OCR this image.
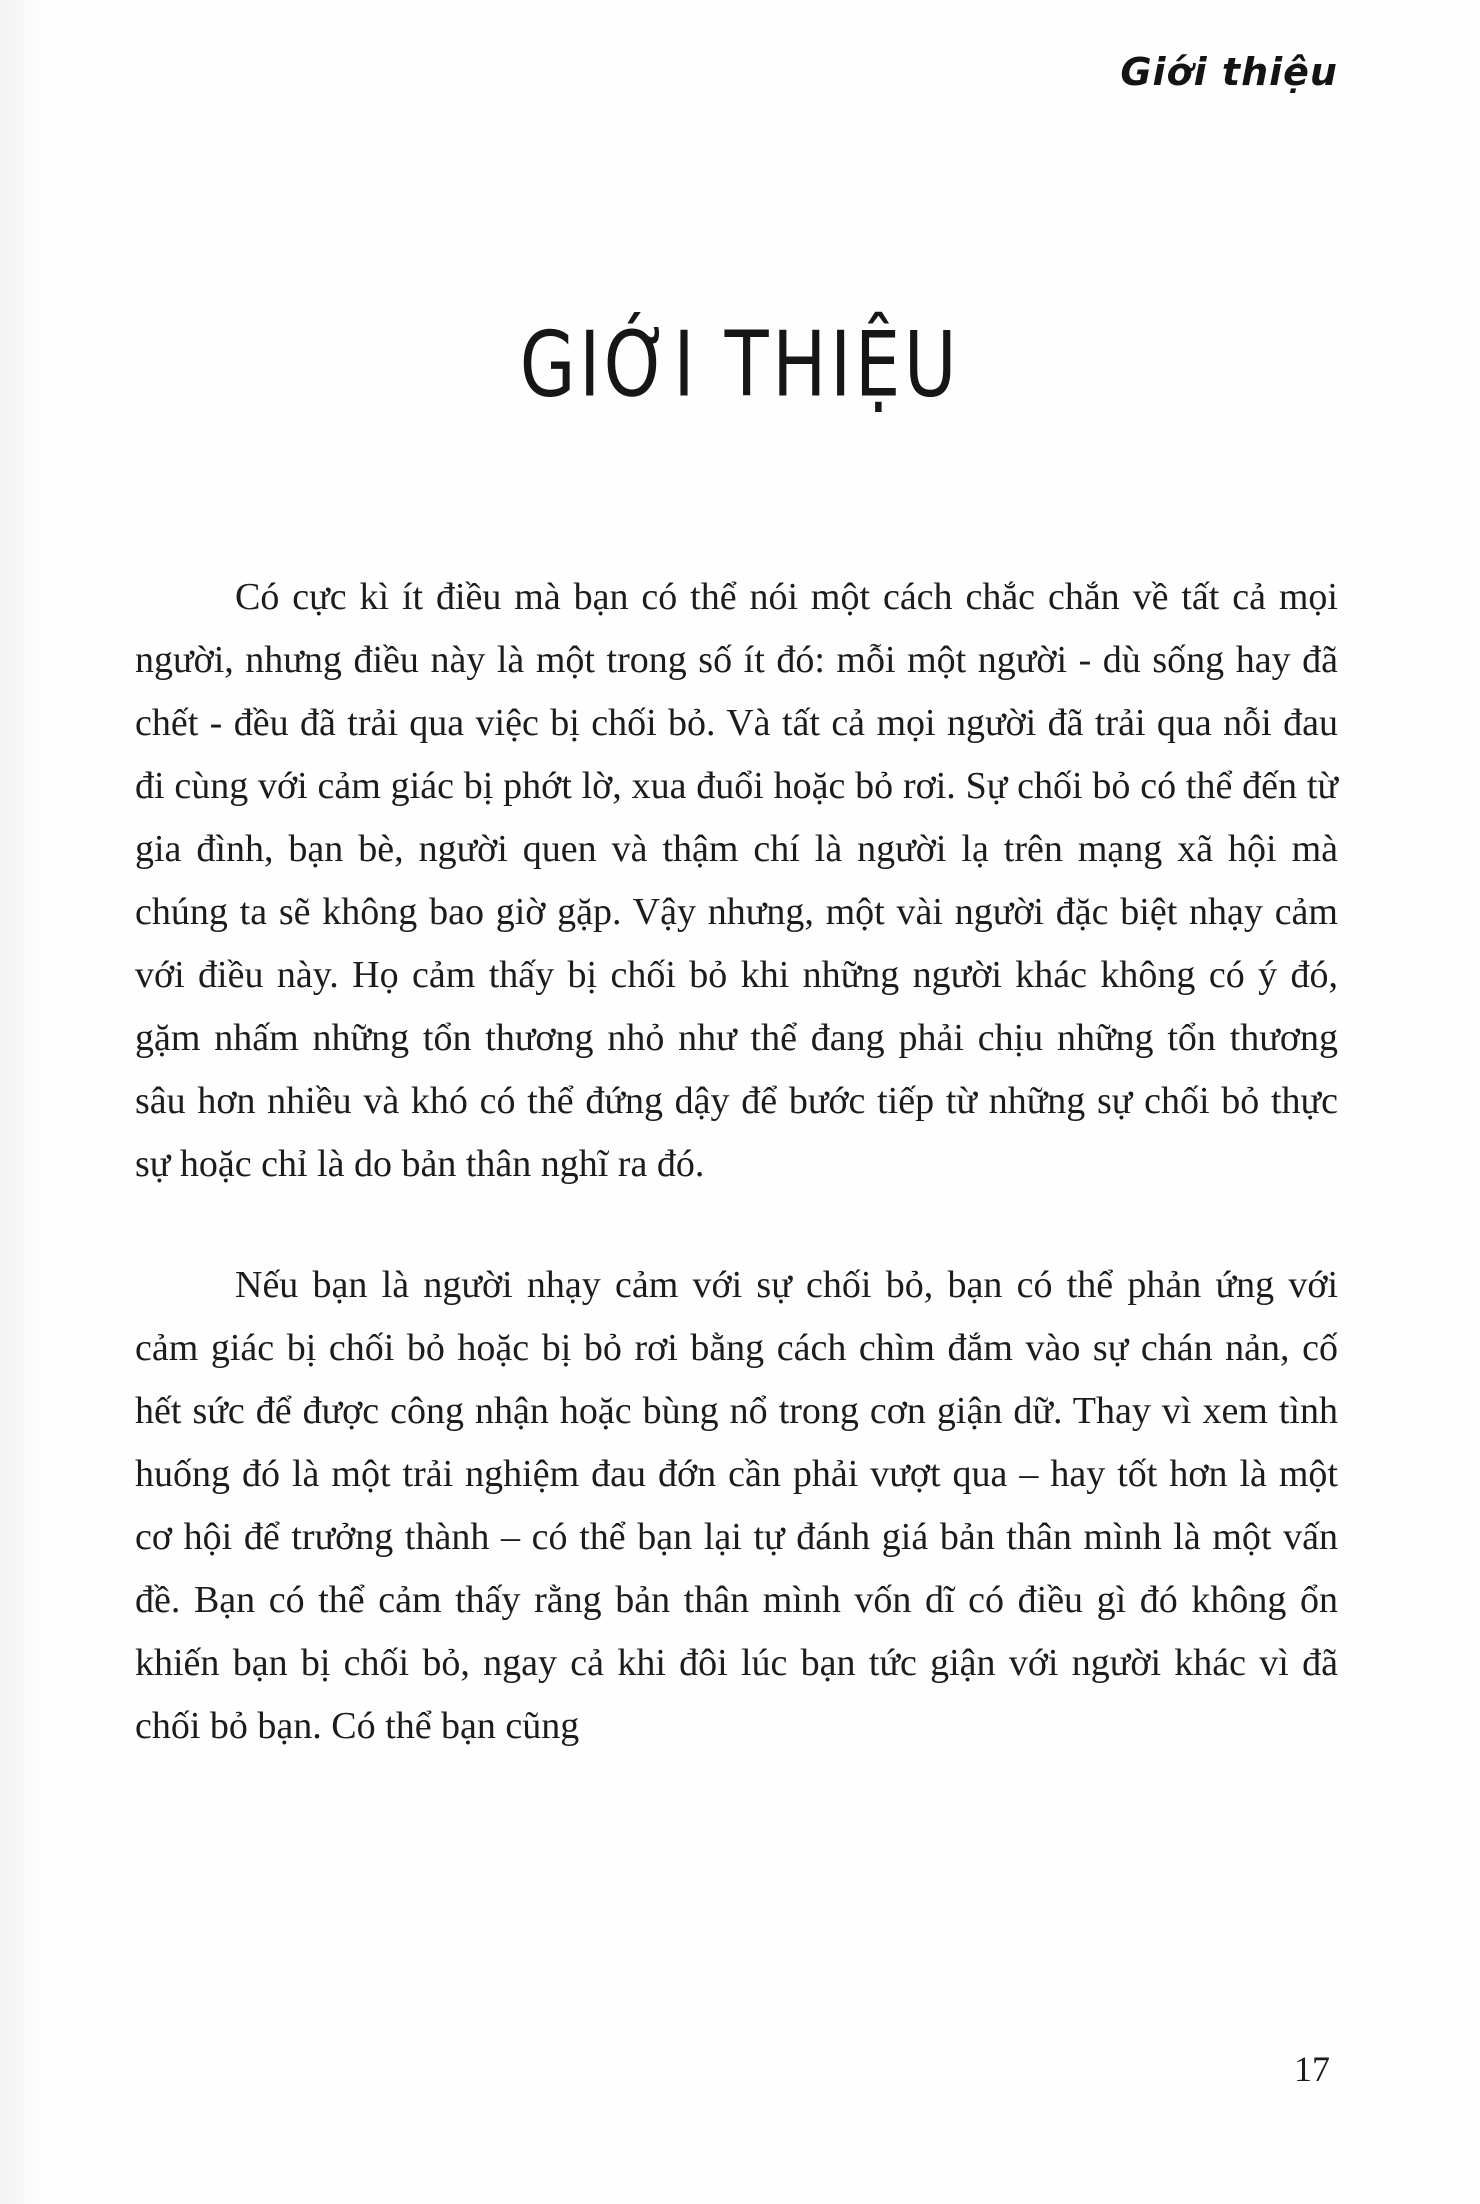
Giới thiệu
GIỚI THIỆU

Có cực kì ít điều mà bạn có thể nói một cách chắc chắn về tất cả mọi người, nhưng điều này là một trong số ít đó: mỗi một người - dù sống hay đã chết - đều đã trải qua việc bị chối bỏ. Và tất cả mọi người đã trải qua nỗi đau đi cùng với cảm giác bị phớt lờ, xua đuổi hoặc bỏ rơi. Sự chối bỏ có thể đến từ gia đình, bạn bè, người quen và thậm chí là người lạ trên mạng xã hội mà chúng ta sẽ không bao giờ gặp. Vậy nhưng, một vài người đặc biệt nhạy cảm với điều này. Họ cảm thấy bị chối bỏ khi những người khác không có ý đó, gặm nhấm những tổn thương nhỏ như thể đang phải chịu những tổn thương sâu hơn nhiều và khó có thể đứng dậy để bước tiếp từ những sự chối bỏ thực sự hoặc chỉ là do bản thân nghĩ ra đó.

Nếu bạn là người nhạy cảm với sự chối bỏ, bạn có thể phản ứng với cảm giác bị chối bỏ hoặc bị bỏ rơi bằng cách chìm đắm vào sự chán nản, cố hết sức để được công nhận hoặc bùng nổ trong cơn giận dữ. Thay vì xem tình huống đó là một trải nghiệm đau đớn cần phải vượt qua – hay tốt hơn là một cơ hội để trưởng thành – có thể bạn lại tự đánh giá bản thân mình là một vấn đề. Bạn có thể cảm thấy rằng bản thân mình vốn dĩ có điều gì đó không ổn khiến bạn bị chối bỏ, ngay cả khi đôi lúc bạn tức giận với người khác vì đã chối bỏ bạn. Có thể bạn cũng

17
